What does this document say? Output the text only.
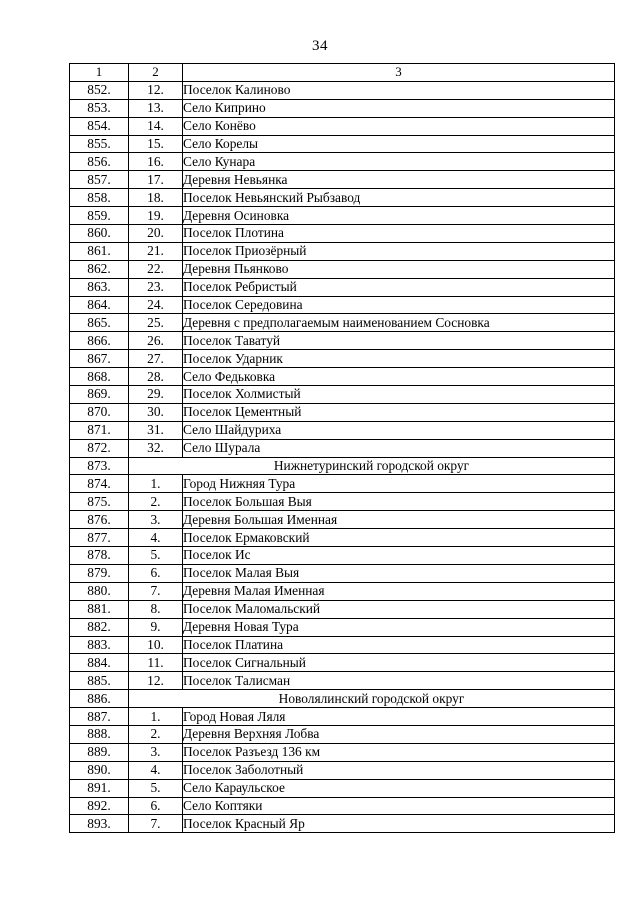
34
1	2	3
852.	12.	Поселок Калиново
853.	13.	Село Киприно
854.	14.	Село Конёво
855.	15.	Село Корелы
856.	16.	Село Кунара
857.	17.	Деревня Невьянка
858.	18.	Поселок Невьянский Рыбзавод
859.	19.	Деревня Осиновка
860.	20.	Поселок Плотина
861.	21.	Поселок Приозёрный
862.	22.	Деревня Пьянково
863.	23.	Поселок Ребристый
864.	24.	Поселок Середовина
865.	25.	Деревня с предполагаемым наименованием Сосновка
866.	26.	Поселок Таватуй
867.	27.	Поселок Ударник
868.	28.	Село Федьковка
869.	29.	Поселок Холмистый
870.	30.	Поселок Цементный
871.	31.	Село Шайдуриха
872.	32.	Село Шурала
873.	Нижнетуринский городской округ	
874.	1.	Город Нижняя Тура
875.	2.	Поселок Большая Выя
876.	3.	Деревня Большая Именная
877.	4.	Поселок Ермаковский
878.	5.	Поселок Ис
879.	6.	Поселок Малая Выя
880.	7.	Деревня Малая Именная
881.	8.	Поселок Маломальский
882.	9.	Деревня Новая Тура
883.	10.	Поселок Платина
884.	11.	Поселок Сигнальный
885.	12.	Поселок Талисман
886.	Новолялинский городской округ	
887.	1.	Город Новая Ляля
888.	2.	Деревня Верхняя Лобва
889.	3.	Поселок Разъезд 136 км
890.	4.	Поселок Заболотный
891.	5.	Село Караульское
892.	6.	Село Коптяки
893.	7.	Поселок Красный Яр
